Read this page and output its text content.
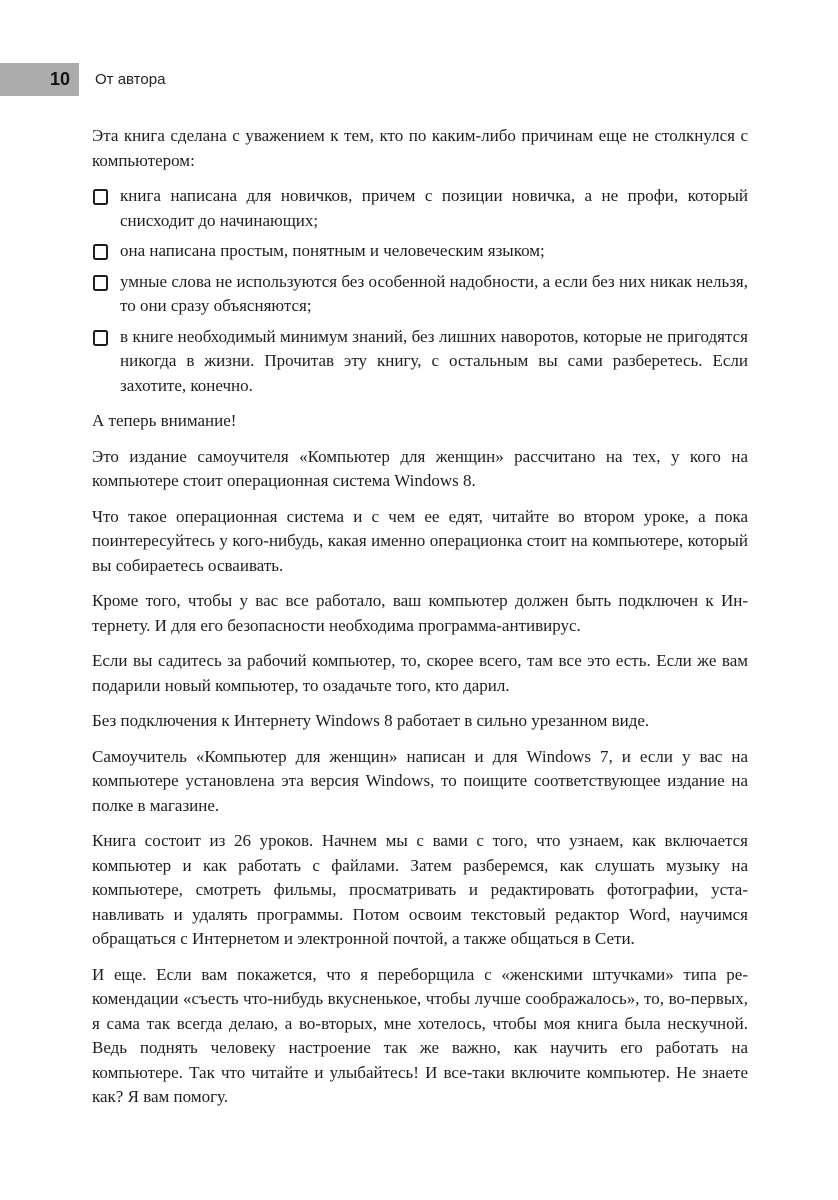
10 От автора

Эта книга сделана с уважением к тем, кто по каким-либо причинам еще не столкнулся с компьютером:

книга написана для новичков, причем с позиции новичка, а не профи, который снисходит до начинающих;
она написана простым, понятным и человеческим языком;
умные слова не используются без особенной надобности, а если без них никак нельзя, то они сразу объясняются;
в книге необходимый минимум знаний, без лишних наворотов, которые не пригодятся никогда в жизни. Прочитав эту книгу, с остальным вы сами разберетесь. Если захотите, конечно.

А теперь внимание!

Это издание самоучителя «Компьютер для женщин» рассчитано на тех, у кого на компьютере стоит операционная система Windows 8.

Что такое операционная система и с чем ее едят, читайте во втором уроке, а пока поинтересуйтесь у кого-нибудь, какая именно операционка стоит на компьютере, который вы собираетесь осваивать.

Кроме того, чтобы у вас все работало, ваш компьютер должен быть подключен к Интернету. И для его безопасности необходима программа-антивирус.

Если вы садитесь за рабочий компьютер, то, скорее всего, там все это есть. Если же вам подарили новый компьютер, то озадачьте того, кто дарил.

Без подключения к Интернету Windows 8 работает в сильно урезанном виде.

Самоучитель «Компьютер для женщин» написан и для Windows 7, и если у вас на компьютере установлена эта версия Windows, то поищите соответствующее издание на полке в магазине.

Книга состоит из 26 уроков. Начнем мы с вами с того, что узнаем, как включается компьютер и как работать с файлами. Затем разберемся, как слушать музыку на компьютере, смотреть фильмы, просматривать и редактировать фотографии, устанавливать и удалять программы. Потом освоим текстовый редактор Word, научимся обращаться с Интернетом и электронной почтой, а также общаться в Сети.

И еще. Если вам покажется, что я переборщила с «женскими штучками» типа рекомендации «съесть что-нибудь вкусненькое, чтобы лучше соображалось», то, во-первых, я сама так всегда делаю, а во-вторых, мне хотелось, чтобы моя книга была нескучной. Ведь поднять человеку настроение так же важно, как научить его работать на компьютере. Так что читайте и улыбайтесь! И все-таки включите компьютер. Не знаете как? Я вам помогу.
